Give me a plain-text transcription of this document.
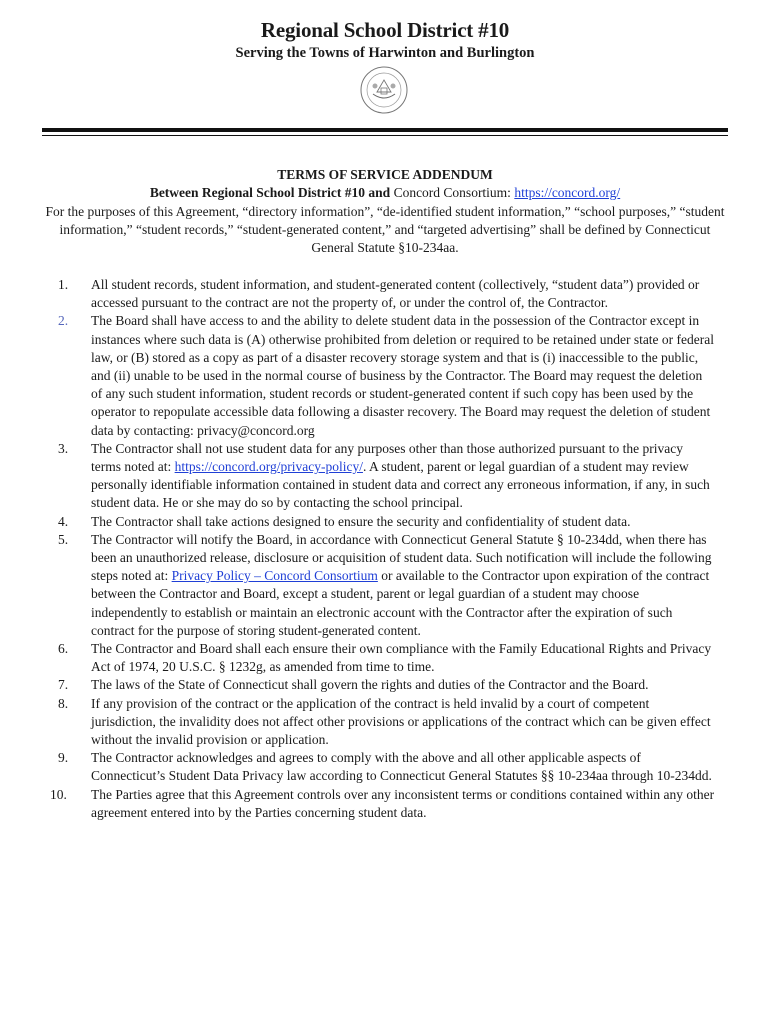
Regional School District #10
Serving the Towns of Harwinton and Burlington
TERMS OF SERVICE ADDENDUM
Between Regional School District #10 and Concord Consortium: https://concord.org/
For the purposes of this Agreement, “directory information”, “de-identified student information,” “school purposes,” “student information,” “student records,” “student-generated content,” and “targeted advertising” shall be defined by Connecticut General Statute §10-234aa.
1.	All student records, student information, and student-generated content (collectively, “student data”) provided or accessed pursuant to the contract are not the property of, or under the control of, the Contractor.
2.	The Board shall have access to and the ability to delete student data in the possession of the Contractor except in instances where such data is (A) otherwise prohibited from deletion or required to be retained under state or federal law, or (B) stored as a copy as part of a disaster recovery storage system and that is (i) inaccessible to the public, and (ii) unable to be used in the normal course of business by the Contractor. The Board may request the deletion of any such student information, student records or student-generated content if such copy has been used by the operator to repopulate accessible data following a disaster recovery. The Board may request the deletion of student data by contacting: privacy@concord.org
3.	The Contractor shall not use student data for any purposes other than those authorized pursuant to the privacy terms noted at: https://concord.org/privacy-policy/. A student, parent or legal guardian of a student may review personally identifiable information contained in student data and correct any erroneous information, if any, in such student data. He or she may do so by contacting the school principal.
4.	The Contractor shall take actions designed to ensure the security and confidentiality of student data.
5.	The Contractor will notify the Board, in accordance with Connecticut General Statute § 10-234dd, when there has been an unauthorized release, disclosure or acquisition of student data. Such notification will include the following steps noted at: Privacy Policy – Concord Consortium or available to the Contractor upon expiration of the contract between the Contractor and Board, except a student, parent or legal guardian of a student may choose independently to establish or maintain an electronic account with the Contractor after the expiration of such contract for the purpose of storing student-generated content.
6.	The Contractor and Board shall each ensure their own compliance with the Family Educational Rights and Privacy Act of 1974, 20 U.S.C. § 1232g, as amended from time to time.
7.	The laws of the State of Connecticut shall govern the rights and duties of the Contractor and the Board.
8.	If any provision of the contract or the application of the contract is held invalid by a court of competent jurisdiction, the invalidity does not affect other provisions or applications of the contract which can be given effect without the invalid provision or application.
9.	The Contractor acknowledges and agrees to comply with the above and all other applicable aspects of Connecticut’s Student Data Privacy law according to Connecticut General Statutes §§ 10-234aa through 10-234dd.
10.	The Parties agree that this Agreement controls over any inconsistent terms or conditions contained within any other agreement entered into by the Parties concerning student data.
